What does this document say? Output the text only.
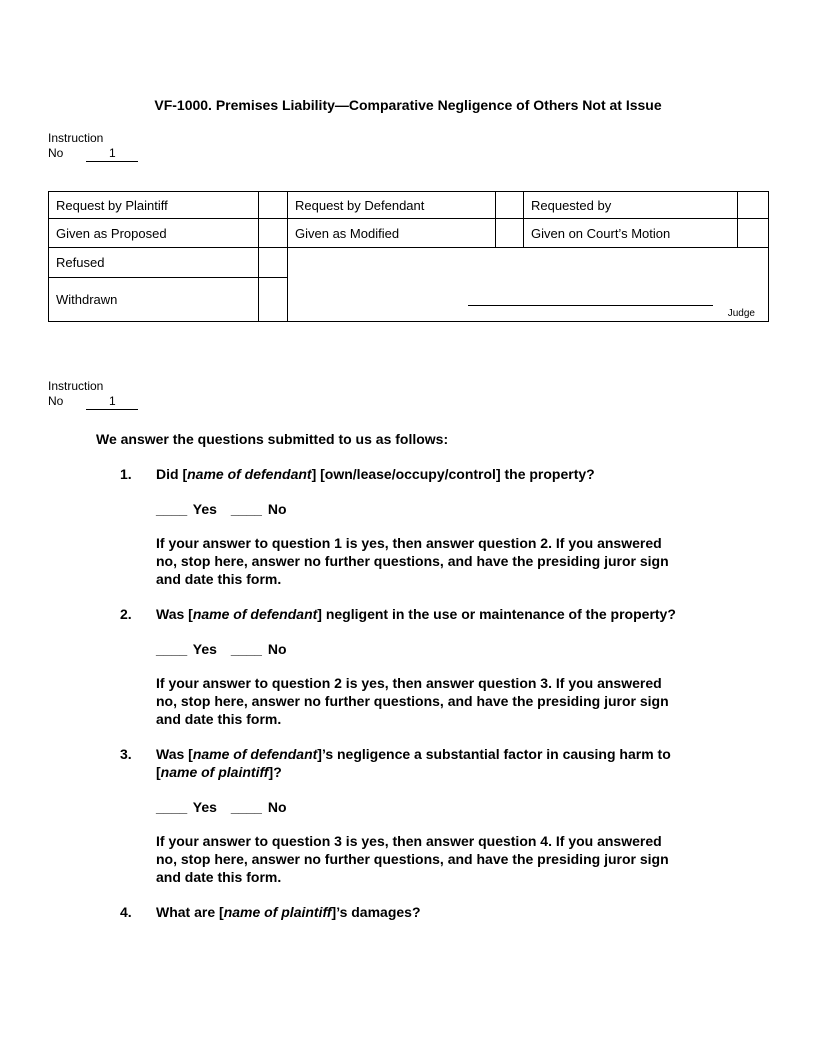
VF-1000. Premises Liability—Comparative Negligence of Others Not at Issue
Instruction
No	1
Request by Plaintiff		Request by Defendant		Requested by	
Given as Proposed		Given as Modified		Given on Court’s Motion	
Refused		Judge			

Withdrawn					
Instruction
No	1

We answer the questions submitted to us as follows:

1.	Did [name of defendant] [own/lease/occupy/control] the property?

____ Yes ____ No

If your answer to question 1 is yes, then answer question 2. If you answered no, stop here, answer no further questions, and have the presiding juror sign and date this form.

2.	Was [name of defendant] negligent in the use or maintenance of the property?

____ Yes ____ No

If your answer to question 2 is yes, then answer question 3. If you answered no, stop here, answer no further questions, and have the presiding juror sign and date this form.

3.	Was [name of defendant]’s negligence a substantial factor in causing harm to [name of plaintiff]?

____ Yes ____ No

If your answer to question 3 is yes, then answer question 4. If you answered no, stop here, answer no further questions, and have the presiding juror sign and date this form.

4.	What are [name of plaintiff]’s damages?
